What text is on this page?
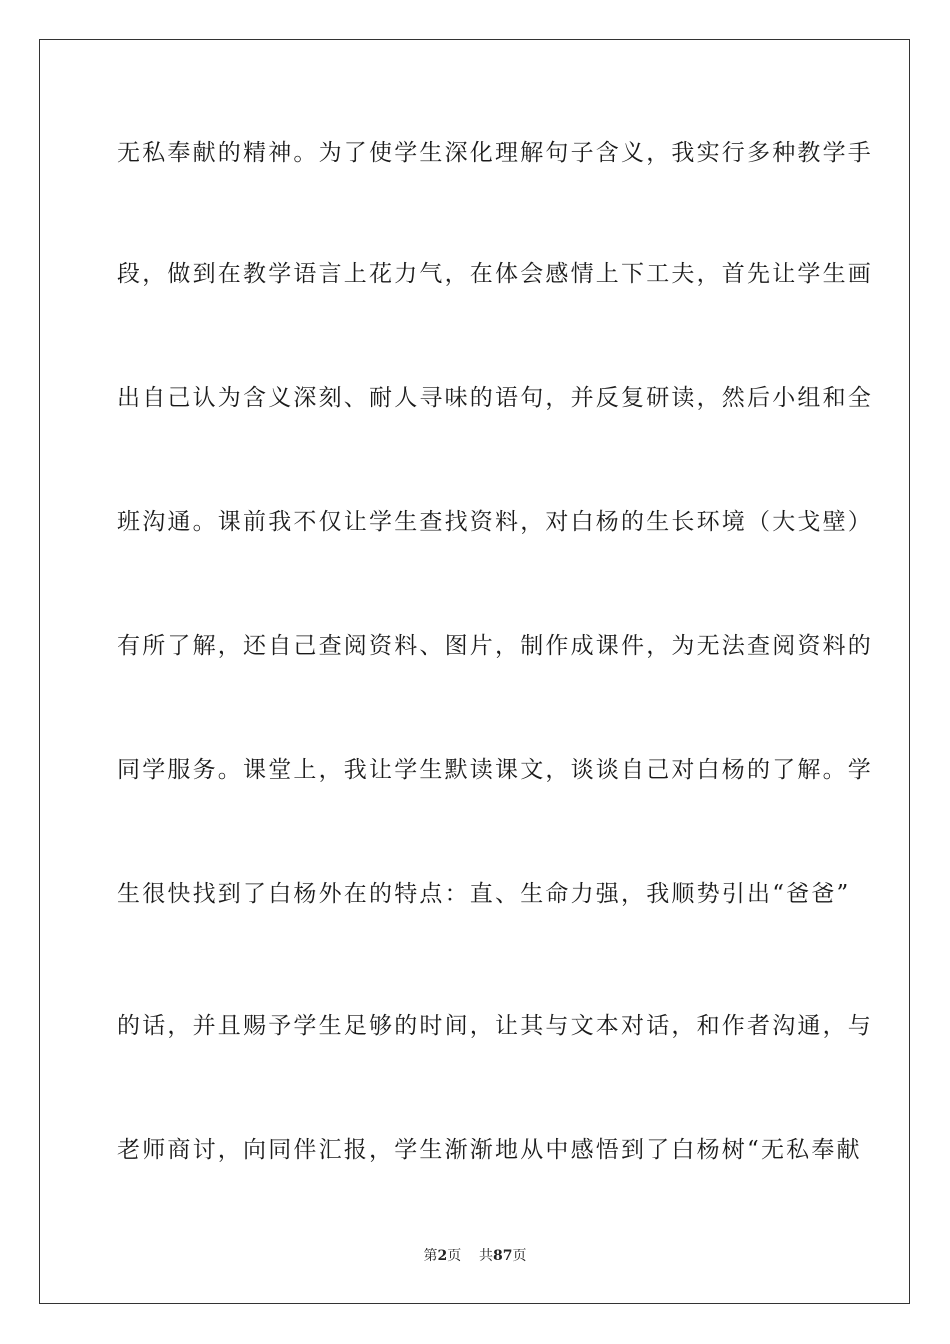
无私奉献的精神。为了使学生深化理解句子含义，我实行多种教学手
段，做到在教学语言上花力气，在体会感情上下工夫，首先让学生画
出自己认为含义深刻、耐人寻味的语句，并反复研读，然后小组和全
班沟通。课前我不仅让学生查找资料，对白杨的生长环境（大戈壁）
有所了解，还自己查阅资料、图片，制作成课件，为无法查阅资料的
同学服务。课堂上，我让学生默读课文，谈谈自己对白杨的了解。学
生很快找到了白杨外在的特点：直、生命力强，我顺势引出“爸爸”
的话，并且赐予学生足够的时间，让其与文本对话，和作者沟通，与
老师商讨，向同伴汇报，学生渐渐地从中感悟到了白杨树“无私奉献
第2页 共87页
